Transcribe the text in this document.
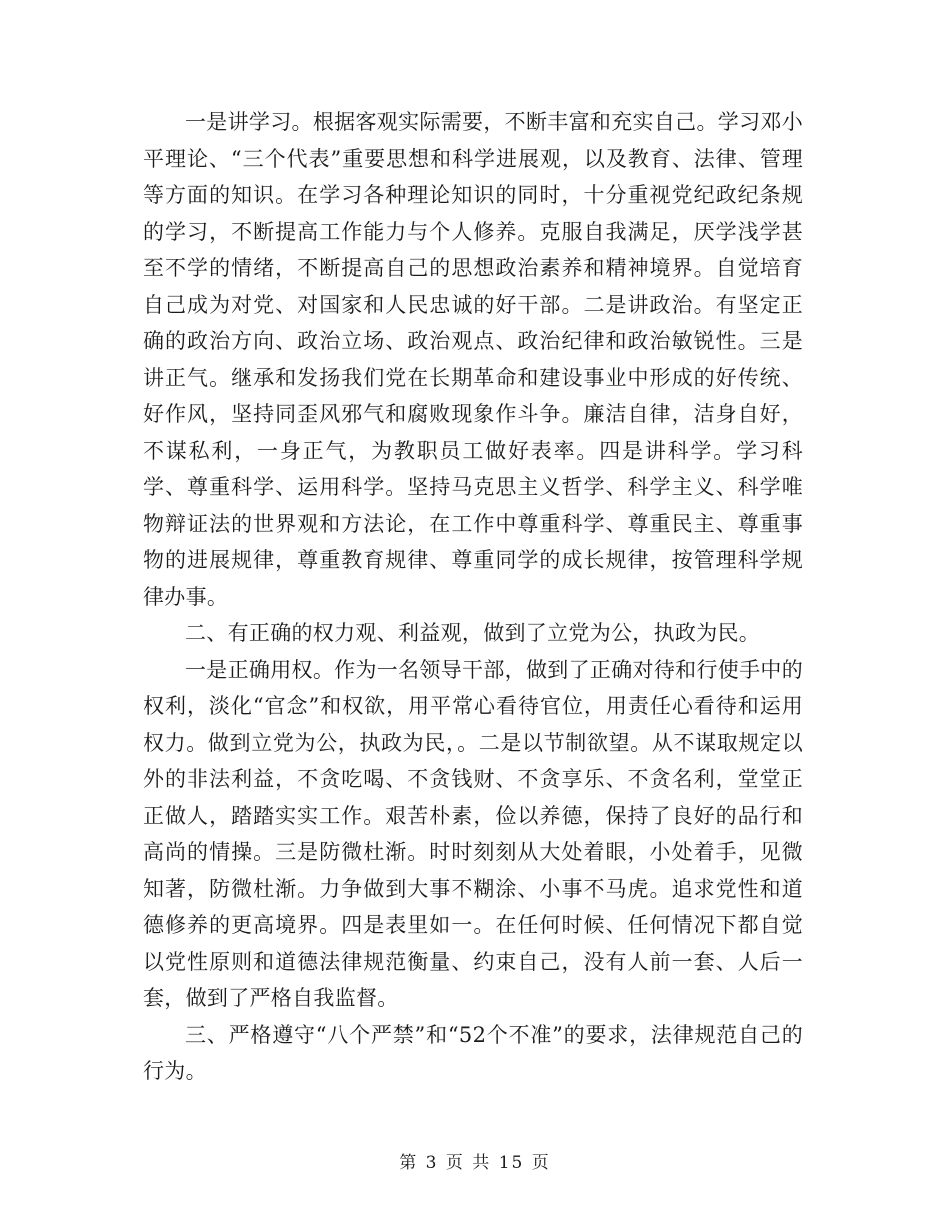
一是讲学习。根据客观实际需要，不断丰富和充实自己。学习邓小平理论、“三个代表”重要思想和科学进展观，以及教育、法律、管理等方面的知识。在学习各种理论知识的同时，十分重视党纪政纪条规的学习，不断提高工作能力与个人修养。克服自我满足，厌学浅学甚至不学的情绪，不断提高自己的思想政治素养和精神境界。自觉培育自己成为对党、对国家和人民忠诚的好干部。二是讲政治。有坚定正确的政治方向、政治立场、政治观点、政治纪律和政治敏锐性。三是讲正气。继承和发扬我们党在长期革命和建设事业中形成的好传统、好作风，坚持同歪风邪气和腐败现象作斗争。廉洁自律，洁身自好，不谋私利，一身正气，为教职员工做好表率。四是讲科学。学习科学、尊重科学、运用科学。坚持马克思主义哲学、科学主义、科学唯物辩证法的世界观和方法论，在工作中尊重科学、尊重民主、尊重事物的进展规律，尊重教育规律、尊重同学的成长规律，按管理科学规律办事。

二、有正确的权力观、利益观，做到了立党为公，执政为民。

一是正确用权。作为一名领导干部，做到了正确对待和行使手中的权利，淡化“官念”和权欲，用平常心看待官位，用责任心看待和运用权力。做到立党为公，执政为民，。二是以节制欲望。从不谋取规定以外的非法利益，不贪吃喝、不贪钱财、不贪享乐、不贪名利，堂堂正正做人，踏踏实实工作。艰苦朴素，俭以养德，保持了良好的品行和高尚的情操。三是防微杜渐。时时刻刻从大处着眼，小处着手，见微知著，防微杜渐。力争做到大事不糊涂、小事不马虎。追求党性和道德修养的更高境界。四是表里如一。在任何时候、任何情况下都自觉以党性原则和道德法律规范衡量、约束自己，没有人前一套、人后一套，做到了严格自我监督。

三、严格遵守“八个严禁”和“52个不准”的要求，法律规范自己的行为。

第 3 页 共 15 页
